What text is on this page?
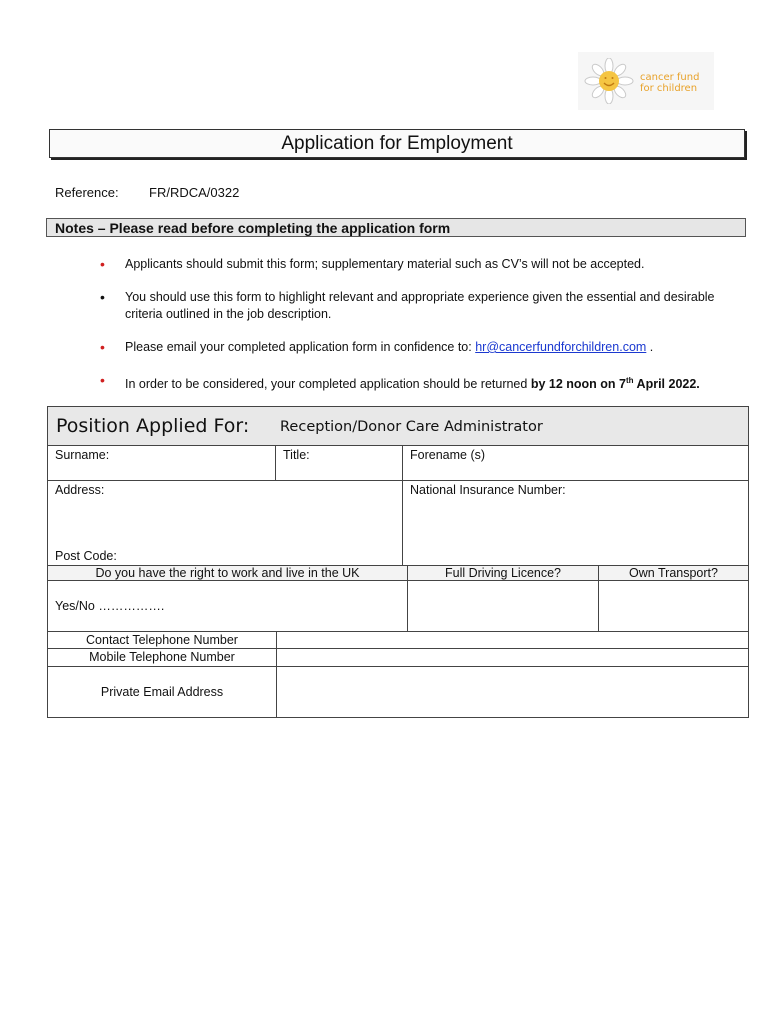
cancer fund
for children
Application for Employment
Reference: FR/RDCA/0322
Notes – Please read before completing the application form
• Applicants should submit this form; supplementary material such as CV’s will not be accepted.
• You should use this form to highlight relevant and appropriate experience given the essential and desirable criteria outlined in the job description.
• Please email your completed application form in confidence to: hr@cancerfundforchildren.com .
• In order to be considered, your completed application should be returned by 12 noon on 7th April 2022.
Position Applied For: Reception/Donor Care Administrator
Surname:	Title:	Forename (s)
Address:
Post Code:
National Insurance Number:
Do you have the right to work and live in the UK	Full Driving Licence?	Own Transport?
Yes/No …………….
Contact Telephone Number
Mobile Telephone Number
Private Email Address
